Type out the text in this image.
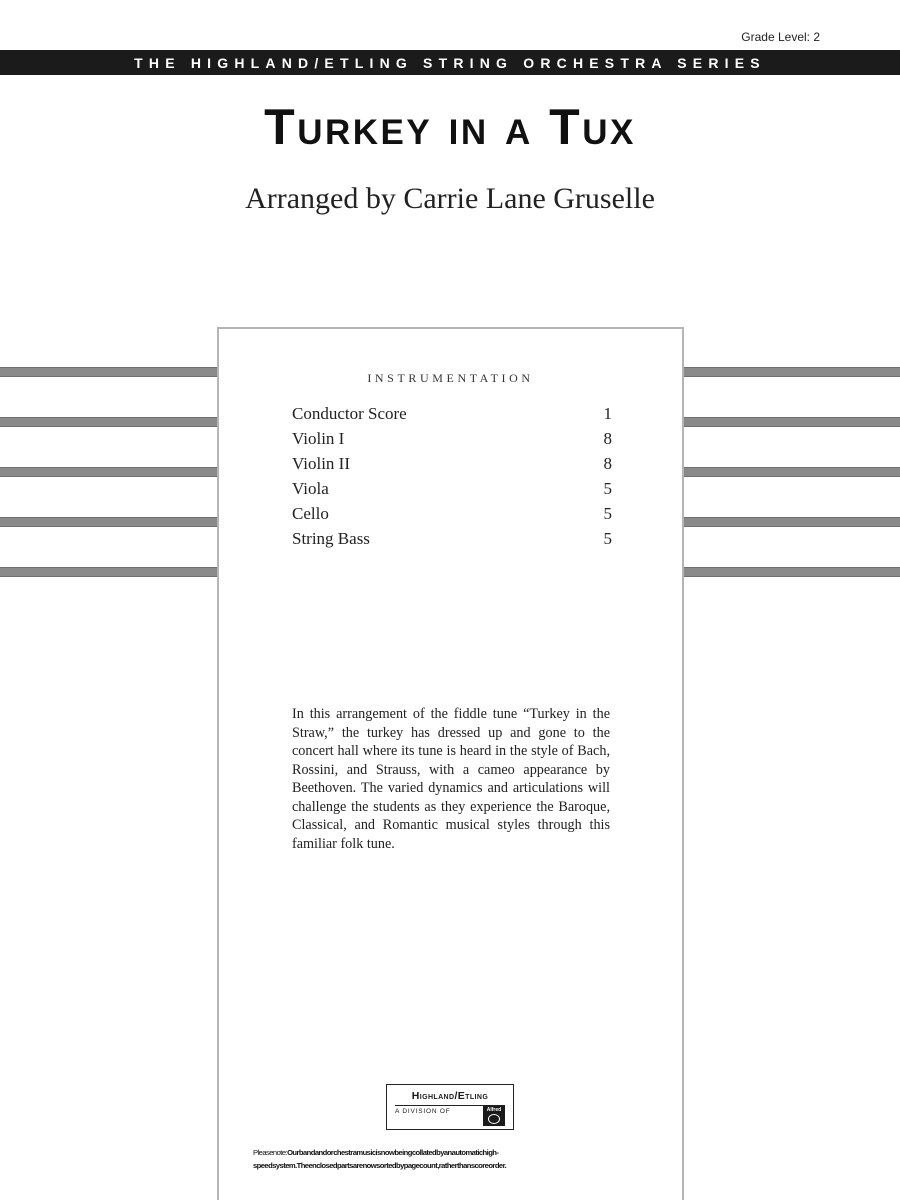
Grade Level: 2
THE HIGHLAND/ETLING STRING ORCHESTRA SERIES
Turkey in a Tux
Arranged by Carrie Lane Gruselle
INSTRUMENTATION
Conductor Score	1
Violin I	8
Violin II	8
Viola	5
Cello	5
String Bass	5
In this arrangement of the fiddle tune “Turkey in the Straw,” the turkey has dressed up and gone to the concert hall where its tune is heard in the style of Bach, Rossini, and Strauss, with a cameo appearance by Beethoven. The varied dynamics and articulations will challenge the students as they experience the Baroque, Classical, and Romantic musical styles through this familiar folk tune.
Highland/Etling
A DIVISION OF	Alfred
Pleasenote:Ourbandandorchestramusicisnowbeingcollatedbyanautomatichigh-speedsystem.Theenclosedpartsarenowsortedbypagecount,ratherthanscoreorder.
